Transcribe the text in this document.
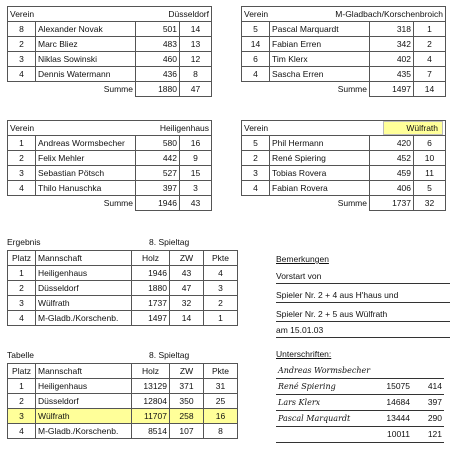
Verein	Düsseldorf		
8	Alexander Novak	501	14
2	Marc Bliez	483	13
3	Niklas Sowinski	460	12
4	Dennis Watermann	436	8
	Summe	1880	47
Verein	M-Gladbach/Korschenbroich		
5	Pascal Marquardt	318	1
14	Fabian Erren	342	2
6	Tim Klerx	402	4
4	Sascha Erren	435	7
	Summe	1497	14
Verein	Heiligenhaus		
1	Andreas Wormsbecher	580	16
2	Felix Mehler	442	9
3	Sebastian Pötsch	527	15
4	Thilo Hanuschka	397	3
	Summe	1946	43
Verein	Wülfrath		
5	Phil Hermann	420	6
2	René Spiering	452	10
3	Tobias Rovera	459	11
4	Fabian Rovera	406	5
	Summe	1737	32
Ergebnis	8. Spieltag
Platz	Mannschaft	Holz	ZW	Pkte
1	Heiligenhaus	1946	43	4
2	Düsseldorf	1880	47	3
3	Wülfrath	1737	32	2
4	M-Gladb./Korschenb.	1497	14	1
Tabelle	8. Spieltag
Platz	Mannschaft	Holz	ZW	Pkte
1	Heiligenhaus	13129	371	31
2	Düsseldorf	12804	350	25
3	Wülfrath	11707	258	16
4	M-Gladb./Korschenb.	8514	107	8
Bemerkungen
Vorstart von
Spieler Nr. 2 + 4 aus H'haus und
Spieler Nr. 2 + 5 aus Wülfrath
am 15.01.03
Unterschriften:
Andreas Wormsbecher		
René Spiering	15075	414
Lars Klerx	14684	397
Pascal Marquardt	13444	290
	10011	121
